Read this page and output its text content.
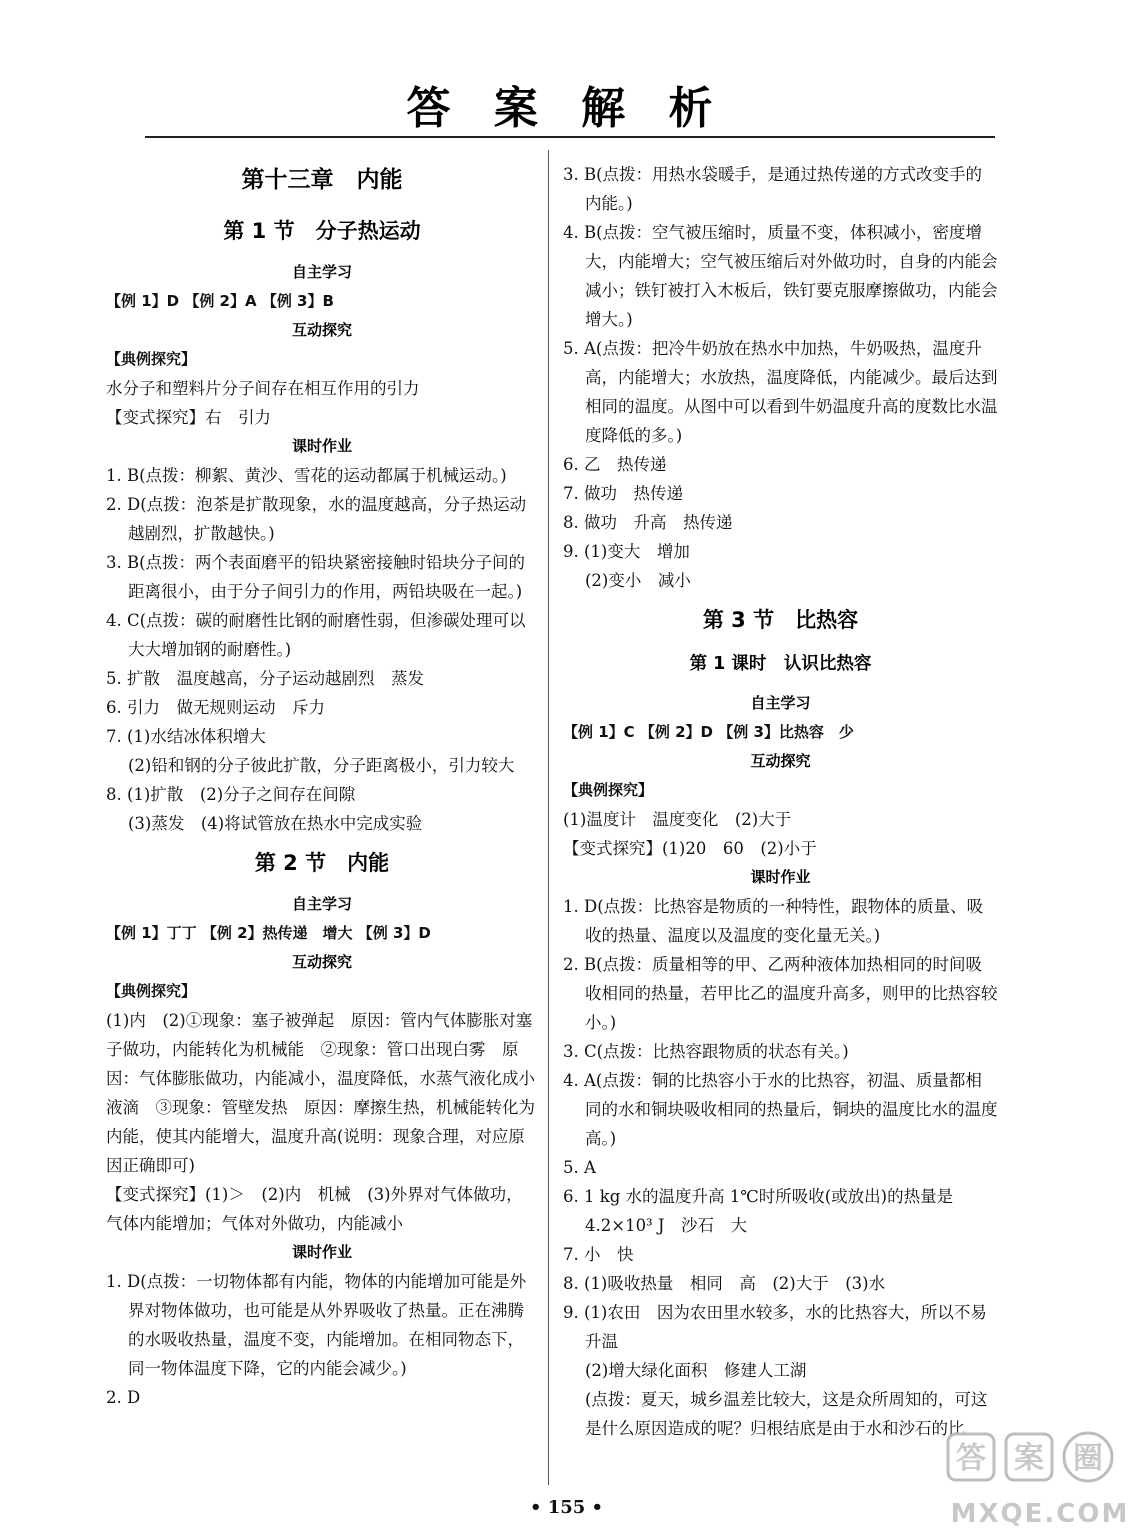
答 案 解 析
第十三章　内能
第 1 节　分子热运动
自主学习

【例 1】D 【例 2】A 【例 3】B

互动探究

【典例探究】

水分子和塑料片分子间存在相互作用的引力

【变式探究】右　引力

课时作业

1. B(点拨：柳絮、黄沙、雪花的运动都属于机械运动。)

2. D(点拨：泡茶是扩散现象，水的温度越高，分子热运动越剧烈，扩散越快。)

3. B(点拨：两个表面磨平的铅块紧密接触时铅块分子间的距离很小，由于分子间引力的作用，两铅块吸在一起。)

4. C(点拨：碳的耐磨性比钢的耐磨性弱，但渗碳处理可以大大增加钢的耐磨性。)

5. 扩散　温度越高，分子运动越剧烈　蒸发

6. 引力　做无规则运动　斥力

7. (1)水结冰体积增大

(2)铅和钢的分子彼此扩散，分子距离极小，引力较大

8. (1)扩散　(2)分子之间存在间隙

(3)蒸发　(4)将试管放在热水中完成实验

第 2 节　内能
自主学习

【例 1】丁丁 【例 2】热传递　增大 【例 3】D

互动探究

【典例探究】

(1)内　(2)①现象：塞子被弹起　原因：管内气体膨胀对塞子做功，内能转化为机械能　②现象：管口出现白雾　原因：气体膨胀做功，内能减小，温度降低，水蒸气液化成小液滴　③现象：管壁发热　原因：摩擦生热，机械能转化为内能，使其内能增大，温度升高(说明：现象合理，对应原因正确即可)

【变式探究】(1)＞　(2)内　机械　(3)外界对气体做功，气体内能增加；气体对外做功，内能减小

课时作业

1. D(点拨：一切物体都有内能，物体的内能增加可能是外界对物体做功，也可能是从外界吸收了热量。正在沸腾的水吸收热量，温度不变，内能增加。在相同物态下，同一物体温度下降，它的内能会减少。)

2. D

3. B(点拨：用热水袋暖手，是通过热传递的方式改变手的内能。)

4. B(点拨：空气被压缩时，质量不变，体积减小，密度增大，内能增大；空气被压缩后对外做功时，自身的内能会减小；铁钉被打入木板后，铁钉要克服摩擦做功，内能会增大。)

5. A(点拨：把冷牛奶放在热水中加热，牛奶吸热，温度升高，内能增大；水放热，温度降低，内能减少。最后达到相同的温度。从图中可以看到牛奶温度升高的度数比水温度降低的多。)

6. 乙　热传递

7. 做功　热传递

8. 做功　升高　热传递

9. (1)变大　增加

(2)变小　减小

第 3 节　比热容
第 1 课时　认识比热容
自主学习

【例 1】C 【例 2】D 【例 3】比热容　少

互动探究

【典例探究】

(1)温度计　温度变化　(2)大于

【变式探究】(1)20　60　(2)小于

课时作业

1. D(点拨：比热容是物质的一种特性，跟物体的质量、吸收的热量、温度以及温度的变化量无关。)

2. B(点拨：质量相等的甲、乙两种液体加热相同的时间吸收相同的热量，若甲比乙的温度升高多，则甲的比热容较小。)

3. C(点拨：比热容跟物质的状态有关。)

4. A(点拨：铜的比热容小于水的比热容，初温、质量都相同的水和铜块吸收相同的热量后，铜块的温度比水的温度高。)

5. A

6. 1 kg 水的温度升高 1℃时所吸收(或放出)的热量是 4.2×10³ J　沙石　大

7. 小　快

8. (1)吸收热量　相同　高　(2)大于　(3)水

9. (1)农田　因为农田里水较多，水的比热容大，所以不易升温

(2)增大绿化面积　修建人工湖

(点拨：夏天，城乡温差比较大，这是众所周知的，可这是什么原因造成的呢？归根结底是由于水和沙石的比

• 155 •
答 案 圈
MXQE.COM
